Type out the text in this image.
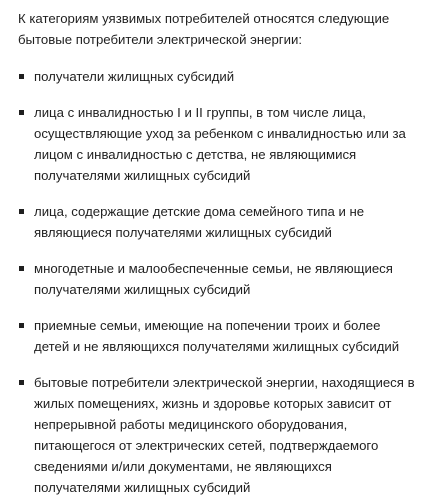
К категориям уязвимых потребителей относятся следующие бытовые потребители электрической энергии:

получатели жилищных субсидий
лица с инвалидностью I и II группы, в том числе лица, осуществляющие уход за ребенком с инвалидностью или за лицом с инвалидностью с детства, не являющимися получателями жилищных субсидий
лица, содержащие детские дома семейного типа и не являющиеся получателями жилищных субсидий
многодетные и малообеспеченные семьи, не являющиеся получателями жилищных субсидий
приемные семьи, имеющие на попечении троих и более детей и не являющихся получателями жилищных субсидий
бытовые потребители электрической энергии, находящиеся в жилых помещениях, жизнь и здоровье которых зависит от непрерывной работы медицинского оборудования, питающегося от электрических сетей, подтверждаемого сведениями и/или документами, не являющихся получателями жилищных субсидий
